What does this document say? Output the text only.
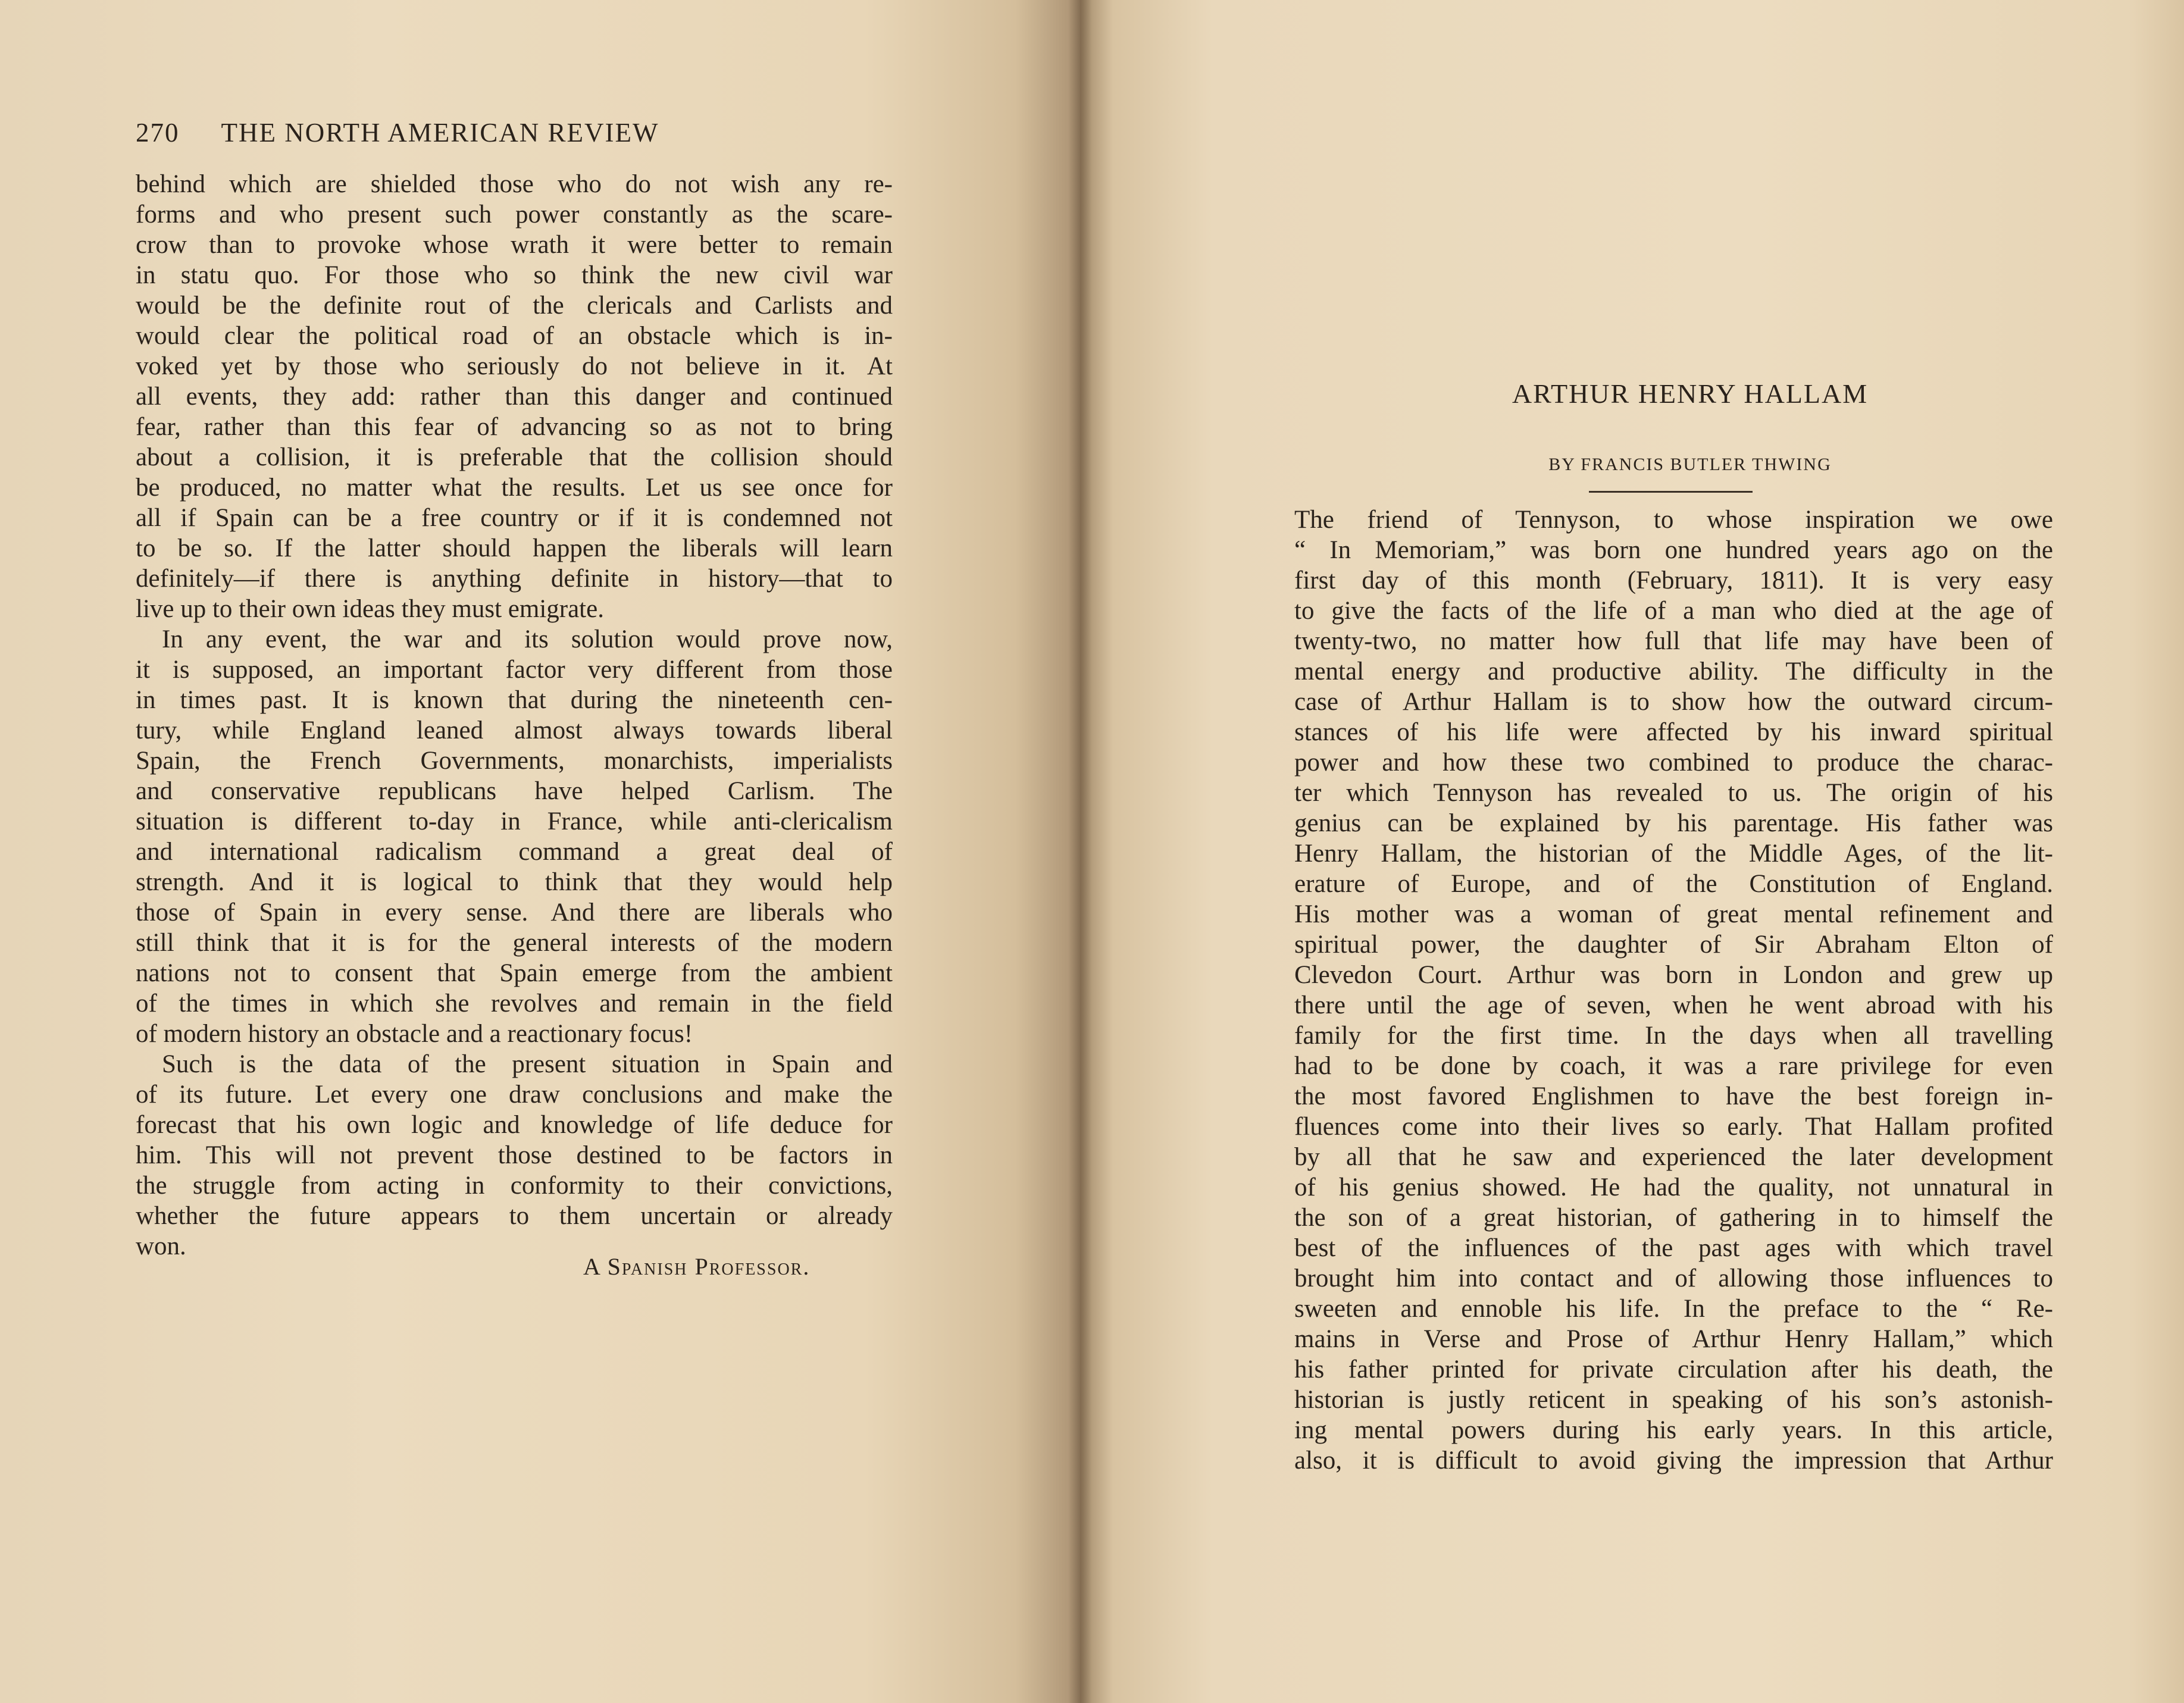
270 THE NORTH AMERICAN REVIEW
behind which are shielded those who do not wish any re-
forms and who present such power constantly as the scare-
crow than to provoke whose wrath it were better to remain
in statu quo. For those who so think the new civil war
would be the definite rout of the clericals and Carlists and
would clear the political road of an obstacle which is in-
voked yet by those who seriously do not believe in it. At
all events, they add: rather than this danger and continued
fear, rather than this fear of advancing so as not to bring
about a collision, it is preferable that the collision should
be produced, no matter what the results. Let us see once for
all if Spain can be a free country or if it is condemned not
to be so. If the latter should happen the liberals will learn
definitely—if there is anything definite in history—that to
live up to their own ideas they must emigrate.
In any event, the war and its solution would prove now,
it is supposed, an important factor very different from those
in times past. It is known that during the nineteenth cen-
tury, while England leaned almost always towards liberal
Spain, the French Governments, monarchists, imperialists
and conservative republicans have helped Carlism. The
situation is different to-day in France, while anti-clericalism
and international radicalism command a great deal of
strength. And it is logical to think that they would help
those of Spain in every sense. And there are liberals who
still think that it is for the general interests of the modern
nations not to consent that Spain emerge from the ambient
of the times in which she revolves and remain in the field
of modern history an obstacle and a reactionary focus!
Such is the data of the present situation in Spain and
of its future. Let every one draw conclusions and make the
forecast that his own logic and knowledge of life deduce for
him. This will not prevent those destined to be factors in
the struggle from acting in conformity to their convictions,
whether the future appears to them uncertain or already
won.
A Spanish Professor.
ARTHUR HENRY HALLAM
BY FRANCIS BUTLER THWING
The friend of Tennyson, to whose inspiration we owe
“ In Memoriam,” was born one hundred years ago on the
first day of this month (February, 1811). It is very easy
to give the facts of the life of a man who died at the age of
twenty-two, no matter how full that life may have been of
mental energy and productive ability. The difficulty in the
case of Arthur Hallam is to show how the outward circum-
stances of his life were affected by his inward spiritual
power and how these two combined to produce the charac-
ter which Tennyson has revealed to us. The origin of his
genius can be explained by his parentage. His father was
Henry Hallam, the historian of the Middle Ages, of the lit-
erature of Europe, and of the Constitution of England.
His mother was a woman of great mental refinement and
spiritual power, the daughter of Sir Abraham Elton of
Clevedon Court. Arthur was born in London and grew up
there until the age of seven, when he went abroad with his
family for the first time. In the days when all travelling
had to be done by coach, it was a rare privilege for even
the most favored Englishmen to have the best foreign in-
fluences come into their lives so early. That Hallam profited
by all that he saw and experienced the later development
of his genius showed. He had the quality, not unnatural in
the son of a great historian, of gathering in to himself the
best of the influences of the past ages with which travel
brought him into contact and of allowing those influences to
sweeten and ennoble his life. In the preface to the “ Re-
mains in Verse and Prose of Arthur Henry Hallam,” which
his father printed for private circulation after his death, the
historian is justly reticent in speaking of his son’s astonish-
ing mental powers during his early years. In this article,
also, it is difficult to avoid giving the impression that Arthur
